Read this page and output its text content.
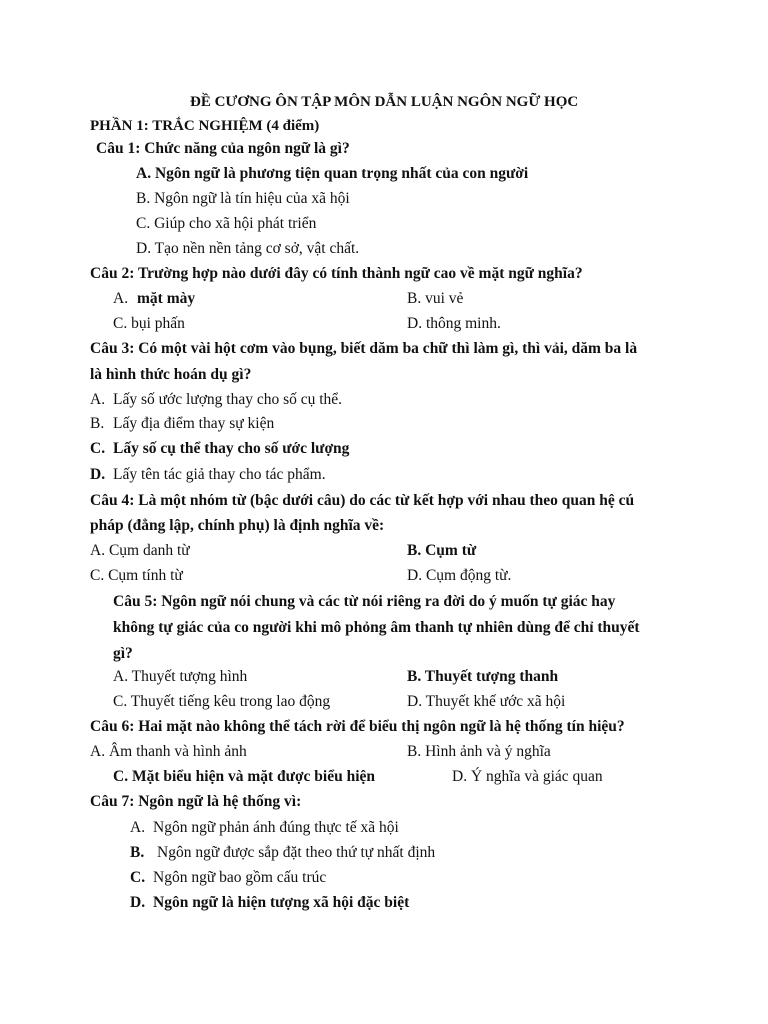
ĐỀ CƯƠNG ÔN TẬP MÔN DẪN LUẬN NGÔN NGỮ HỌC
PHẦN 1: TRẮC NGHIỆM (4 điểm)
Câu 1: Chức năng của ngôn ngữ là gì?
A. Ngôn ngữ là phương tiện quan trọng nhất của con người
B. Ngôn ngữ là tín hiệu của xã hội
C. Giúp cho xã hội phát triển
D. Tạo nền nền tảng cơ sở, vật chất.
Câu 2: Trường hợp nào dưới đây có tính thành ngữ cao về mặt ngữ nghĩa?
A. mặt mày	B. vui vẻ
C. bụi phấn	D. thông minh.
Câu 3: Có một vài hột cơm vào bụng, biết dăm ba chữ thì làm gì, thì vải, dăm ba là
là hình thức hoán dụ gì?
A. Lấy số ước lượng thay cho số cụ thể.
B. Lấy địa điểm thay sự kiện
C. Lấy số cụ thể thay cho số ước lượng
D. Lấy tên tác giả thay cho tác phẩm.
Câu 4: Là một nhóm từ (bậc dưới câu) do các từ kết hợp với nhau theo quan hệ cú
pháp (đẳng lập, chính phụ) là định nghĩa về:
A. Cụm danh từ	B. Cụm từ
C. Cụm tính từ	D. Cụm động từ.
Câu 5: Ngôn ngữ nói chung và các từ nói riêng ra đời do ý muốn tự giác hay
không tự giác của co người khi mô phỏng âm thanh tự nhiên dùng để chỉ thuyết
gì?
A. Thuyết tượng hình	B. Thuyết tượng thanh
C. Thuyết tiếng kêu trong lao động	D. Thuyết khế ước xã hội
Câu 6: Hai mặt nào không thể tách rời để biểu thị ngôn ngữ là hệ thống tín hiệu?
A. Âm thanh và hình ảnh	B. Hình ảnh và ý nghĩa
C. Mặt biểu hiện và mặt được biểu hiện	D. Ý nghĩa và giác quan
Câu 7: Ngôn ngữ là hệ thống vì:
A. Ngôn ngữ phản ánh đúng thực tế xã hội
B. Ngôn ngữ được sắp đặt theo thứ tự nhất định
C. Ngôn ngữ bao gồm cấu trúc
D. Ngôn ngữ là hiện tượng xã hội đặc biệt
